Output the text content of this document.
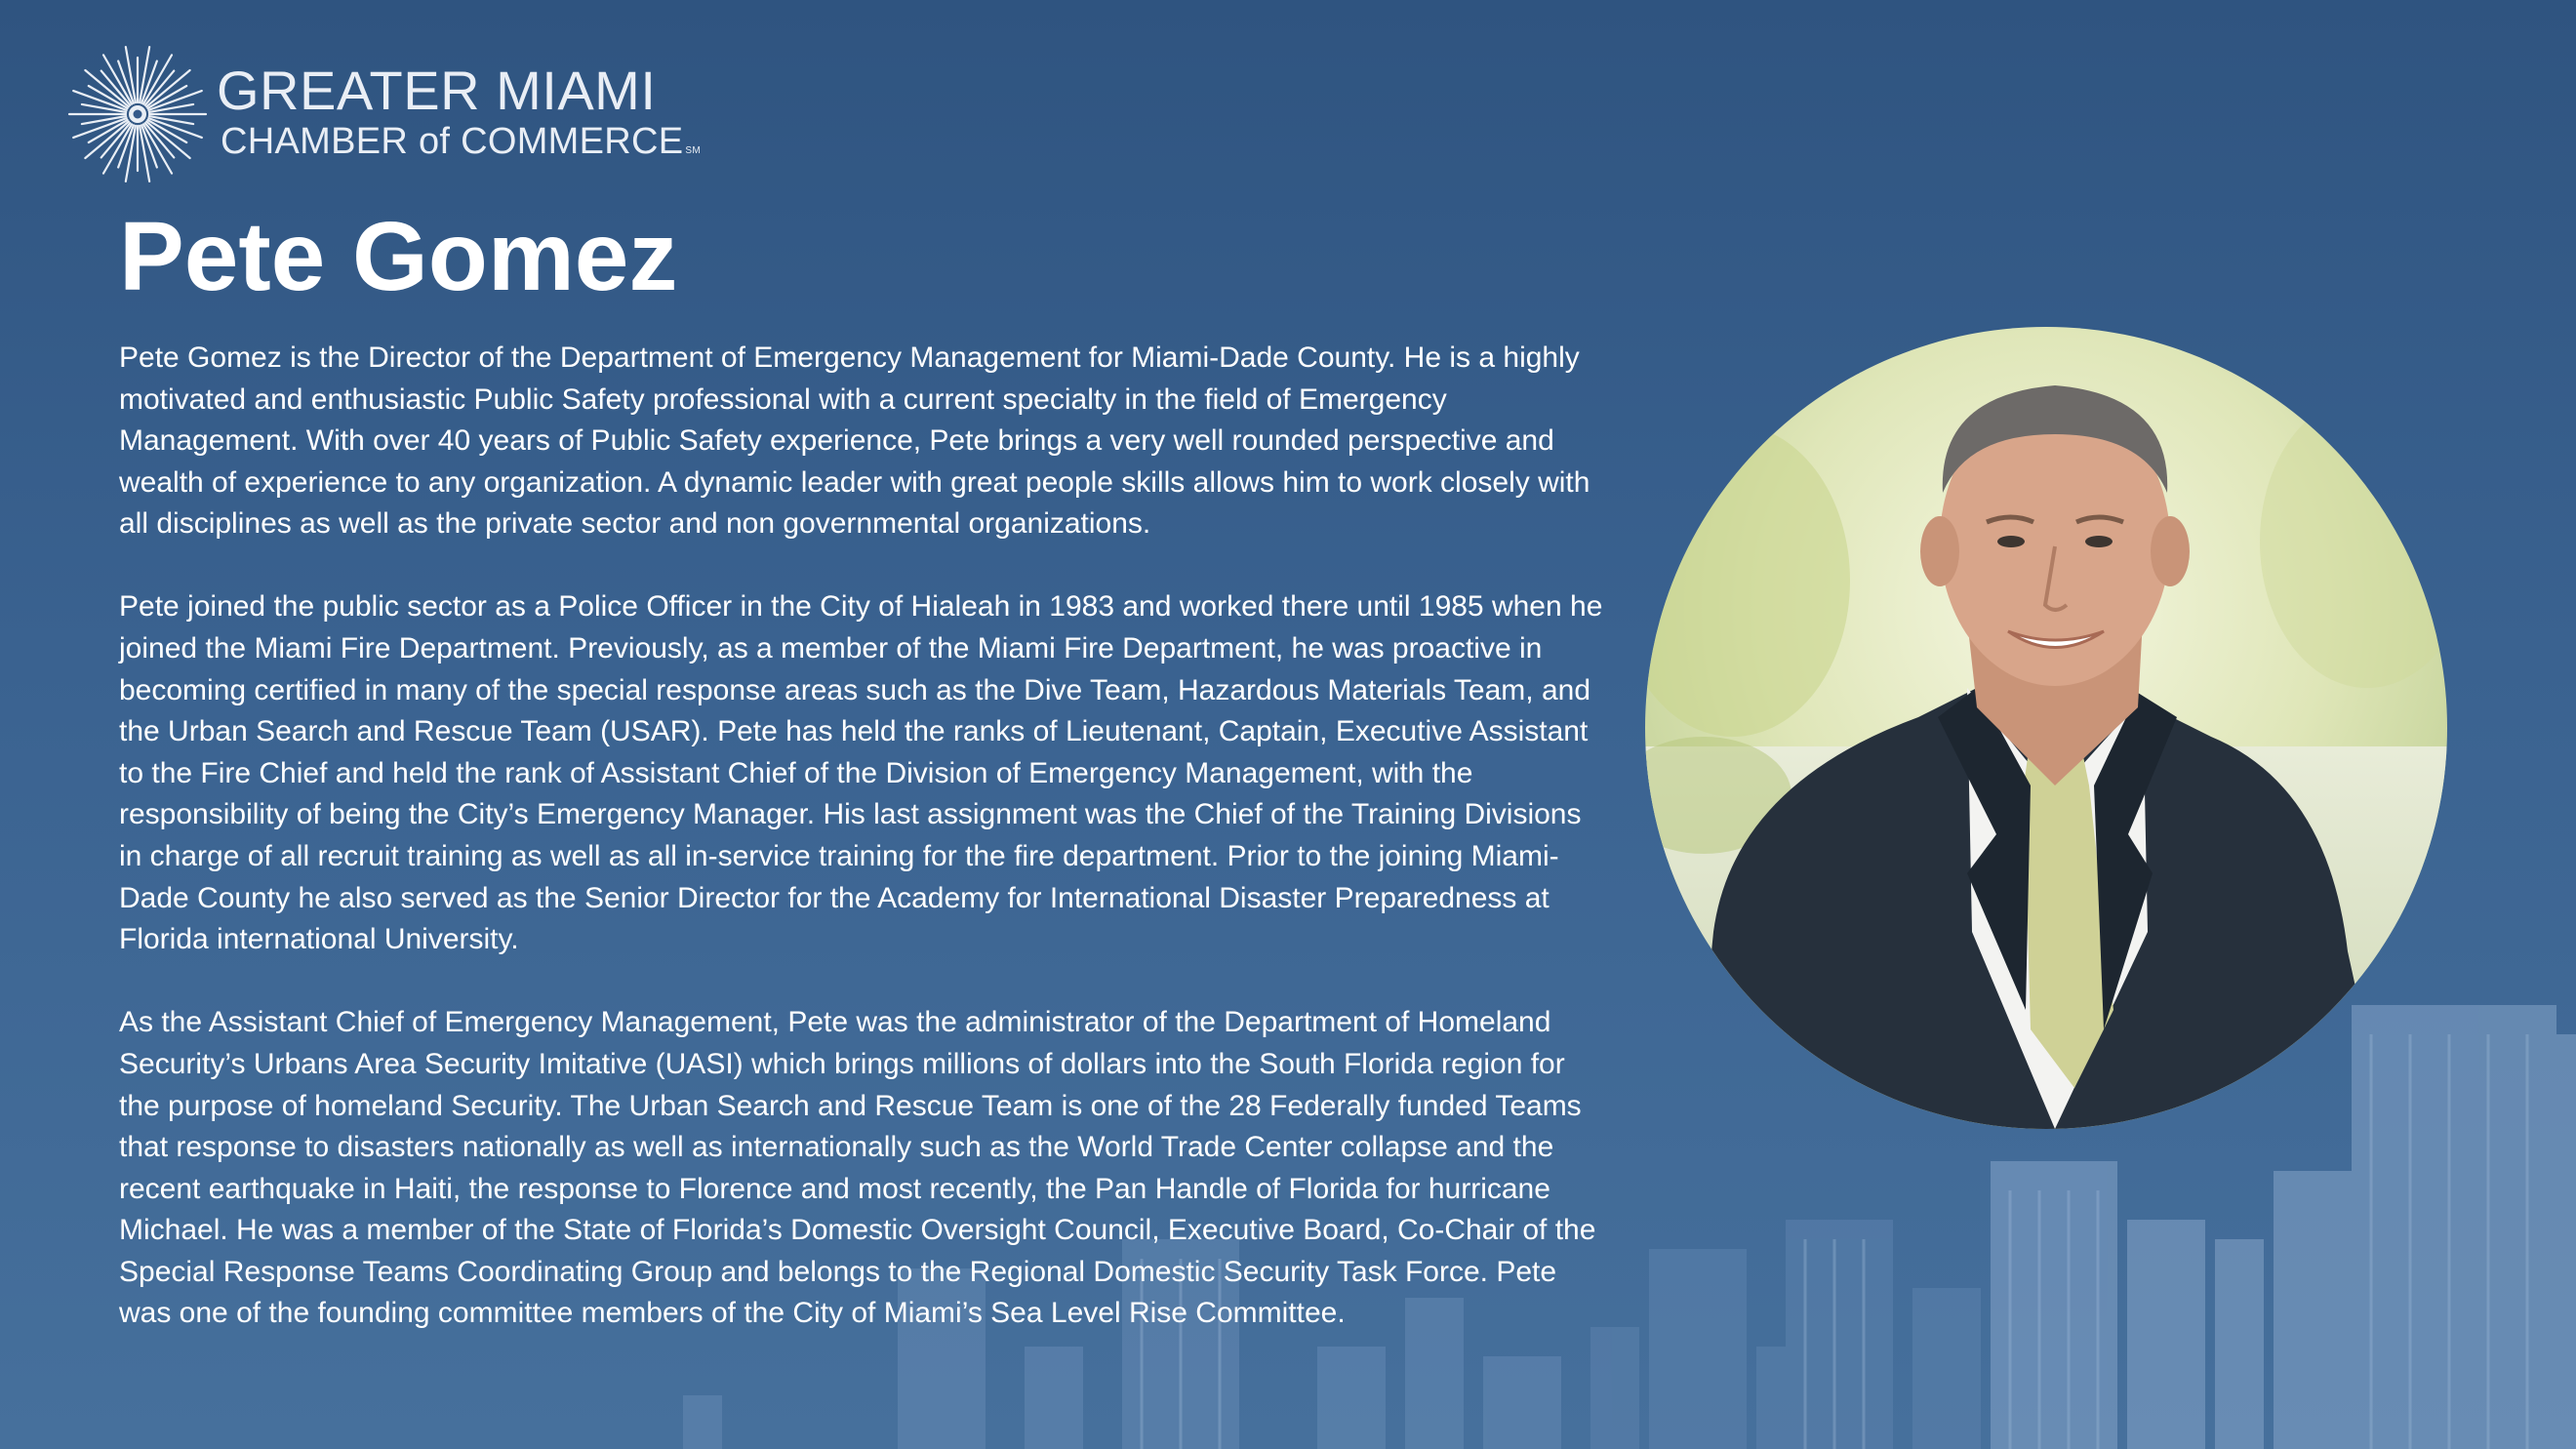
GREATER MIAMI
CHAMBER of COMMERCE SM
Pete Gomez

Pete Gomez is the Director of the Department of Emergency Management for Miami-Dade County. He is a highly motivated and enthusiastic Public Safety professional with a current specialty in the field of Emergency Management. With over 40 years of Public Safety experience, Pete brings a very well rounded perspective and wealth of experience to any organization. A dynamic leader with great people skills allows him to work closely with all disciplines as well as the private sector and non governmental organizations.

Pete joined the public sector as a Police Officer in the City of Hialeah in 1983 and worked there until 1985 when he joined the Miami Fire Department. Previously, as a member of the Miami Fire Department, he was proactive in becoming certified in many of the special response areas such as the Dive Team, Hazardous Materials Team, and the Urban Search and Rescue Team (USAR). Pete has held the ranks of Lieutenant, Captain, Executive Assistant to the Fire Chief and held the rank of Assistant Chief of the Division of Emergency Management, with the responsibility of being the City’s Emergency Manager. His last assignment was the Chief of the Training Divisions in charge of all recruit training as well as all in-service training for the fire department. Prior to the joining Miami-Dade County he also served as the Senior Director for the Academy for International Disaster Preparedness at Florida international University.

As the Assistant Chief of Emergency Management, Pete was the administrator of the Department of Homeland Security’s Urbans Area Security Imitative (UASI) which brings millions of dollars into the South Florida region for the purpose of homeland Security. The Urban Search and Rescue Team is one of the 28 Federally funded Teams that response to disasters nationally as well as internationally such as the World Trade Center collapse and the recent earthquake in Haiti, the response to Florence and most recently, the Pan Handle of Florida for hurricane Michael. He was a member of the State of Florida’s Domestic Oversight Council, Executive Board, Co-Chair of the Special Response Teams Coordinating Group and belongs to the Regional Domestic Security Task Force. Pete was one of the founding committee members of the City of Miami’s Sea Level Rise Committee.
